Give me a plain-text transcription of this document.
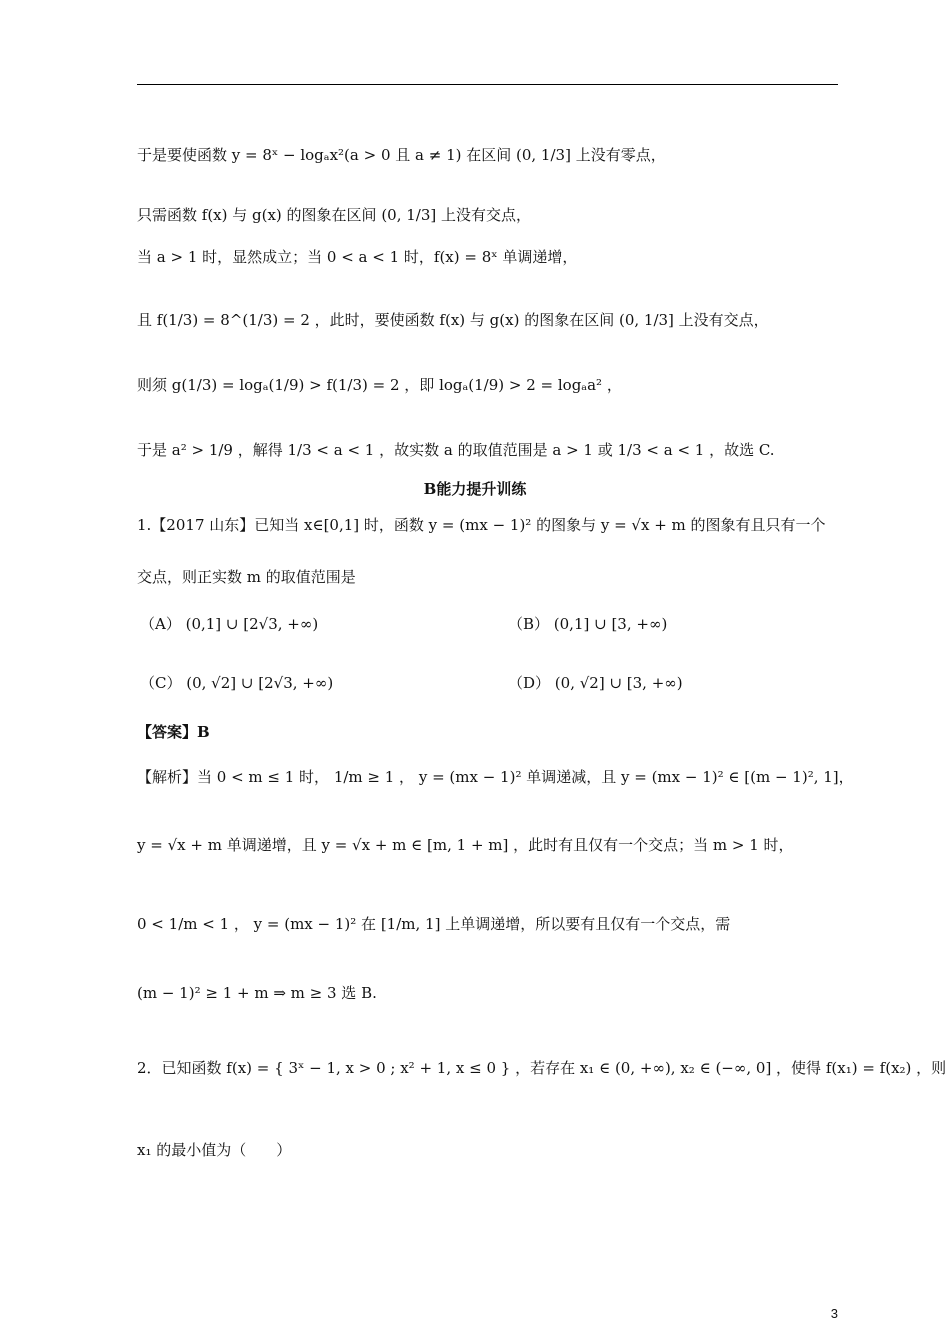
于是要使函数 y = 8ˣ − logₐx²(a > 0 且 a ≠ 1) 在区间 (0, 1/3] 上没有零点，
只需函数 f(x) 与 g(x) 的图象在区间 (0, 1/3] 上没有交点，
当 a > 1 时，显然成立；当 0 < a < 1 时，f(x) = 8ˣ 单调递增，
且 f(1/3) = 8^(1/3) = 2 ，此时，要使函数 f(x) 与 g(x) 的图象在区间 (0, 1/3] 上没有交点，
则须 g(1/3) = logₐ(1/9) > f(1/3) = 2 ，即 logₐ(1/9) > 2 = logₐa² ，
于是 a² > 1/9 ，解得 1/3 < a < 1 ，故实数 a 的取值范围是 a > 1 或 1/3 < a < 1 ，故选 C.
B能力提升训练
1.【2017 山东】已知当 x∈[0,1] 时，函数 y = (mx − 1)² 的图象与 y = √x + m 的图象有且只有一个
交点，则正实数 m 的取值范围是
（A） (0,1] ∪ [2√3, +∞)	（B） (0,1] ∪ [3, +∞)
（C） (0, √2] ∪ [2√3, +∞)	（D） (0, √2] ∪ [3, +∞)
【答案】B
【解析】当 0 < m ≤ 1 时， 1/m ≥ 1 ， y = (mx − 1)² 单调递减，且 y = (mx − 1)² ∈ [(m − 1)², 1]，
y = √x + m 单调递增，且 y = √x + m ∈ [m, 1 + m] ，此时有且仅有一个交点；当 m > 1 时，
0 < 1/m < 1 ， y = (mx − 1)² 在 [1/m, 1] 上单调递增，所以要有且仅有一个交点，需
(m − 1)² ≥ 1 + m ⇒ m ≥ 3 选 B.
2．已知函数 f(x) = { 3ˣ − 1, x > 0 ; x² + 1, x ≤ 0 } ，若存在 x₁ ∈ (0, +∞), x₂ ∈ (−∞, 0] ，使得 f(x₁) = f(x₂) ，则
x₁ 的最小值为（　　）
3
